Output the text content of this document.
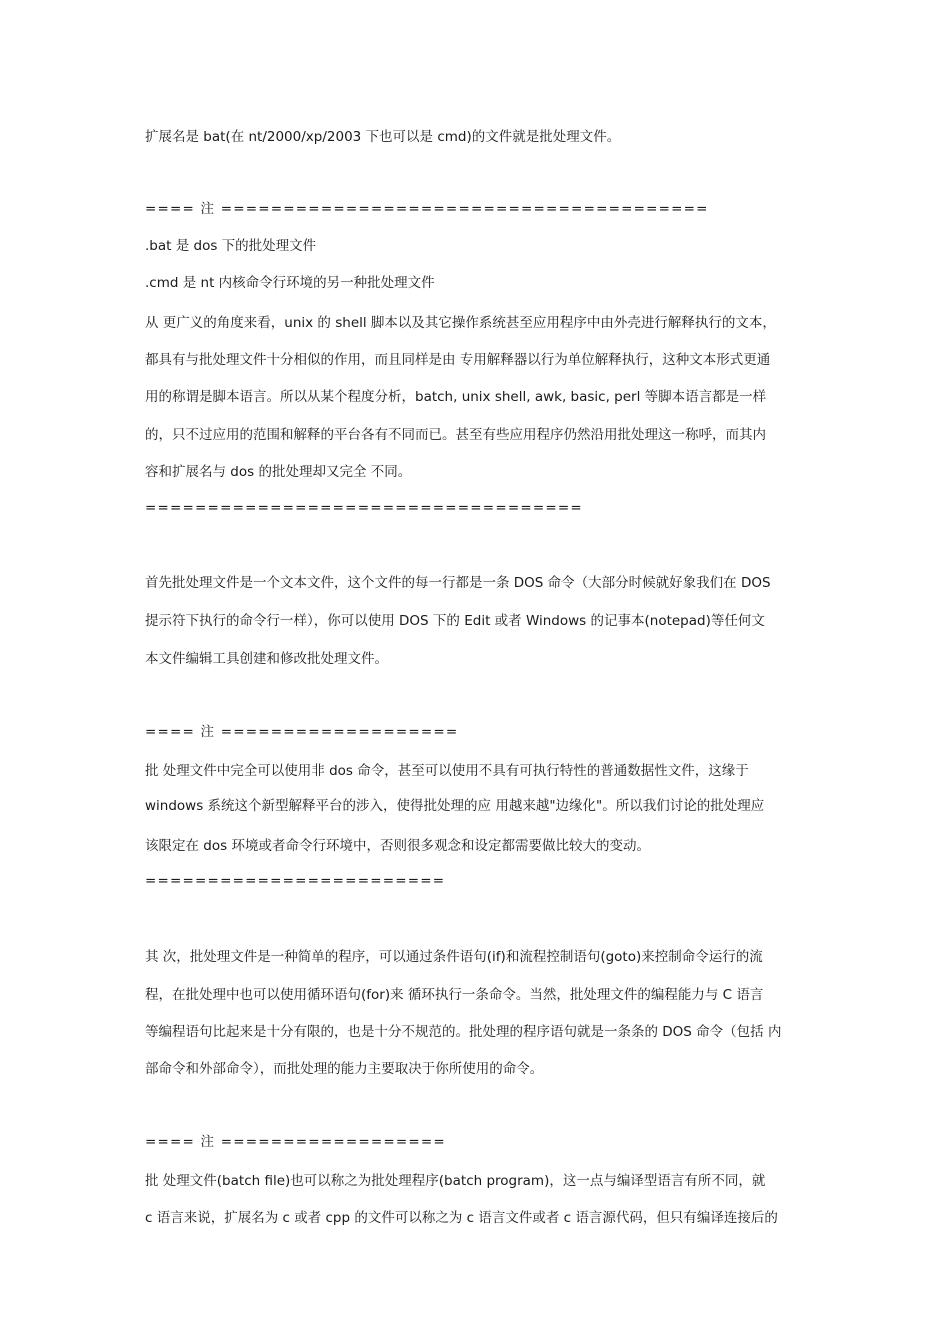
扩展名是 bat(在 nt/2000/xp/2003 下也可以是 cmd)的文件就是批处理文件。
==== 注 =======================================
.bat 是 dos 下的批处理文件
.cmd 是 nt 内核命令行环境的另一种批处理文件
从 更广义的角度来看，unix 的 shell 脚本以及其它操作系统甚至应用程序中由外壳进行解释执行的文本，
都具有与批处理文件十分相似的作用，而且同样是由 专用解释器以行为单位解释执行，这种文本形式更通
用的称谓是脚本语言。所以从某个程度分析，batch, unix shell, awk, basic, perl 等脚本语言都是一样
的，只不过应用的范围和解释的平台各有不同而已。甚至有些应用程序仍然沿用批处理这一称呼，而其内
容和扩展名与 dos 的批处理却又完全 不同。
===================================
首先批处理文件是一个文本文件，这个文件的每一行都是一条 DOS 命令（大部分时候就好象我们在 DOS
提示符下执行的命令行一样），你可以使用 DOS 下的 Edit 或者 Windows 的记事本(notepad)等任何文
本文件编辑工具创建和修改批处理文件。
==== 注 ===================
批 处理文件中完全可以使用非 dos 命令，甚至可以使用不具有可执行特性的普通数据性文件，这缘于
windows 系统这个新型解释平台的涉入，使得批处理的应 用越来越"边缘化"。所以我们讨论的批处理应
该限定在 dos 环境或者命令行环境中，否则很多观念和设定都需要做比较大的变动。
========================
其 次，批处理文件是一种简单的程序，可以通过条件语句(if)和流程控制语句(goto)来控制命令运行的流
程，在批处理中也可以使用循环语句(for)来 循环执行一条命令。当然，批处理文件的编程能力与 C 语言
等编程语句比起来是十分有限的，也是十分不规范的。批处理的程序语句就是一条条的 DOS 命令（包括 内
部命令和外部命令），而批处理的能力主要取决于你所使用的命令。
==== 注 ==================
批 处理文件(batch file)也可以称之为批处理程序(batch program)，这一点与编译型语言有所不同，就
c 语言来说，扩展名为 c 或者 cpp 的文件可以称之为 c 语言文件或者 c 语言源代码，但只有编译连接后的
